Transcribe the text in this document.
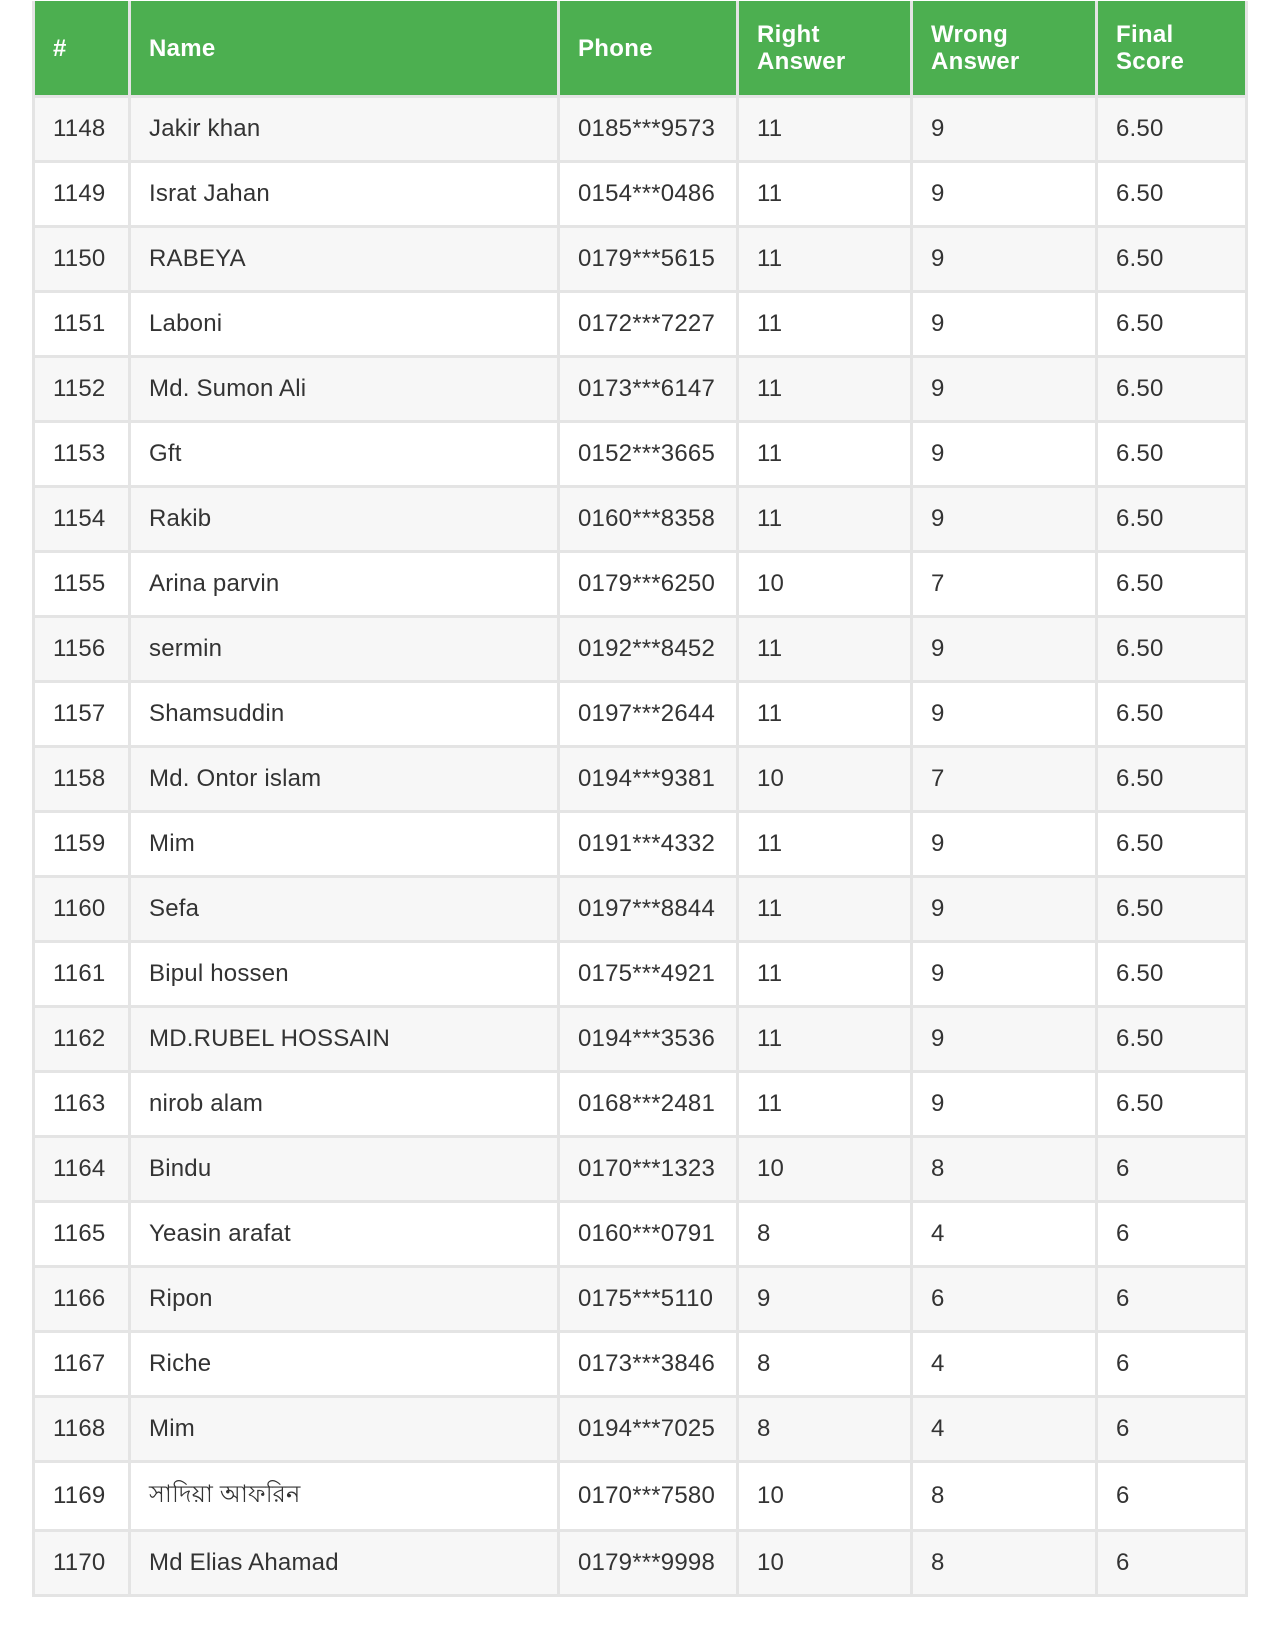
#	Name	Phone	Right Answer	Wrong Answer	Final Score
1148	Jakir khan	0185***9573	11	9	6.50
1149	Israt Jahan	0154***0486	11	9	6.50
1150	RABEYA	0179***5615	11	9	6.50
1151	Laboni	0172***7227	11	9	6.50
1152	Md. Sumon Ali	0173***6147	11	9	6.50
1153	Gft	0152***3665	11	9	6.50
1154	Rakib	0160***8358	11	9	6.50
1155	Arina parvin	0179***6250	10	7	6.50
1156	sermin	0192***8452	11	9	6.50
1157	Shamsuddin	0197***2644	11	9	6.50
1158	Md. Ontor islam	0194***9381	10	7	6.50
1159	Mim	0191***4332	11	9	6.50
1160	Sefa	0197***8844	11	9	6.50
1161	Bipul hossen	0175***4921	11	9	6.50
1162	MD.RUBEL HOSSAIN	0194***3536	11	9	6.50
1163	nirob alam	0168***2481	11	9	6.50
1164	Bindu	0170***1323	10	8	6
1165	Yeasin arafat	0160***0791	8	4	6
1166	Ripon	0175***5110	9	6	6
1167	Riche	0173***3846	8	4	6
1168	Mim	0194***7025	8	4	6
1169	সাদিয়া আফরিন	0170***7580	10	8	6
1170	Md Elias Ahamad	0179***9998	10	8	6
